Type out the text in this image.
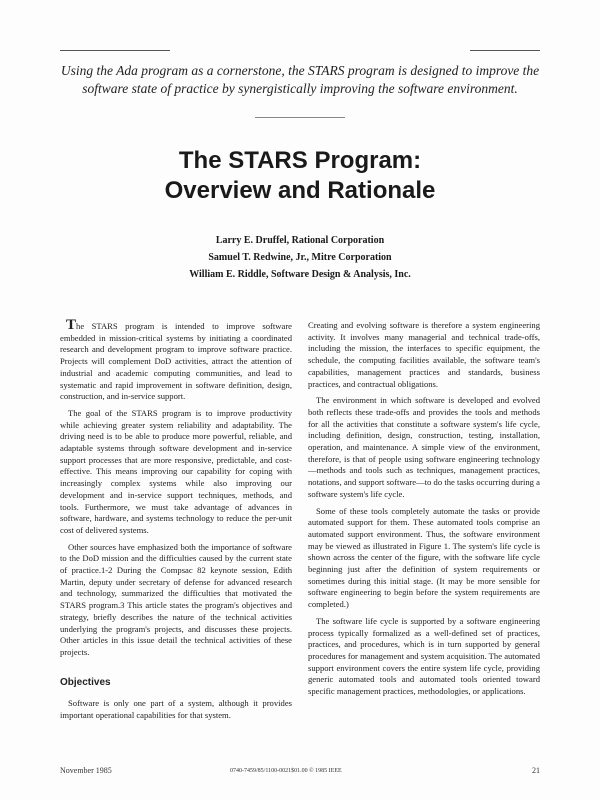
Using the Ada program as a cornerstone, the STARS program is designed to improve the software state of practice by synergistically improving the software environment.
The STARS Program:
Overview and Rationale
Larry E. Druffel, Rational Corporation
Samuel T. Redwine, Jr., Mitre Corporation
William E. Riddle, Software Design & Analysis, Inc.

The STARS program is intended to improve software embedded in mission-critical systems by initiating a coordinated research and development program to improve software practice. Projects will complement DoD activities, attract the attention of industrial and academic computing communities, and lead to systematic and rapid improvement in software definition, design, construction, and in-service support.

The goal of the STARS program is to improve productivity while achieving greater system reliability and adaptability. The driving need is to be able to produce more powerful, reliable, and adaptable systems through software development and in-service support processes that are more responsive, predictable, and cost-effective. This means improving our capability for coping with increasingly complex systems while also improving our development and in-service support techniques, methods, and tools. Furthermore, we must take advantage of advances in software, hardware, and systems technology to reduce the per-unit cost of delivered systems.

Other sources have emphasized both the importance of software to the DoD mission and the difficulties caused by the current state of practice.1-2 During the Compsac 82 keynote session, Edith Martin, deputy under secretary of defense for advanced research and technology, summarized the difficulties that motivated the STARS program.3 This article states the program's objectives and strategy, briefly describes the nature of the technical activities underlying the program's projects, and discusses these projects. Other articles in this issue detail the technical activities of these projects.

Objectives

Software is only one part of a system, although it provides important operational capabilities for that system.

Creating and evolving software is therefore a system engineering activity. It involves many managerial and technical trade-offs, including the mission, the interfaces to specific equipment, the schedule, the computing facilities available, the software team's capabilities, management practices and standards, business practices, and contractual obligations.

The environment in which software is developed and evolved both reflects these trade-offs and provides the tools and methods for all the activities that constitute a software system's life cycle, including definition, design, construction, testing, installation, operation, and maintenance. A simple view of the environment, therefore, is that of people using software engineering technology—methods and tools such as techniques, management practices, notations, and support software—to do the tasks occurring during a software system's life cycle.

Some of these tools completely automate the tasks or provide automated support for them. These automated tools comprise an automated support environment. Thus, the software environment may be viewed as illustrated in Figure 1. The system's life cycle is shown across the center of the figure, with the software life cycle beginning just after the definition of system requirements or sometimes during this initial stage. (It may be more sensible for software engineering to begin before the system requirements are completed.)

The software life cycle is supported by a software engineering process typically formalized as a well-defined set of practices, practices, and procedures, which is in turn supported by general procedures for management and system acquisition. The automated support environment covers the entire system life cycle, providing generic automated tools and automated tools oriented toward specific management practices, methodologies, or applications.

November 1985	0740-7459/85/1100-0021$01.00 © 1985 IEEE	21
